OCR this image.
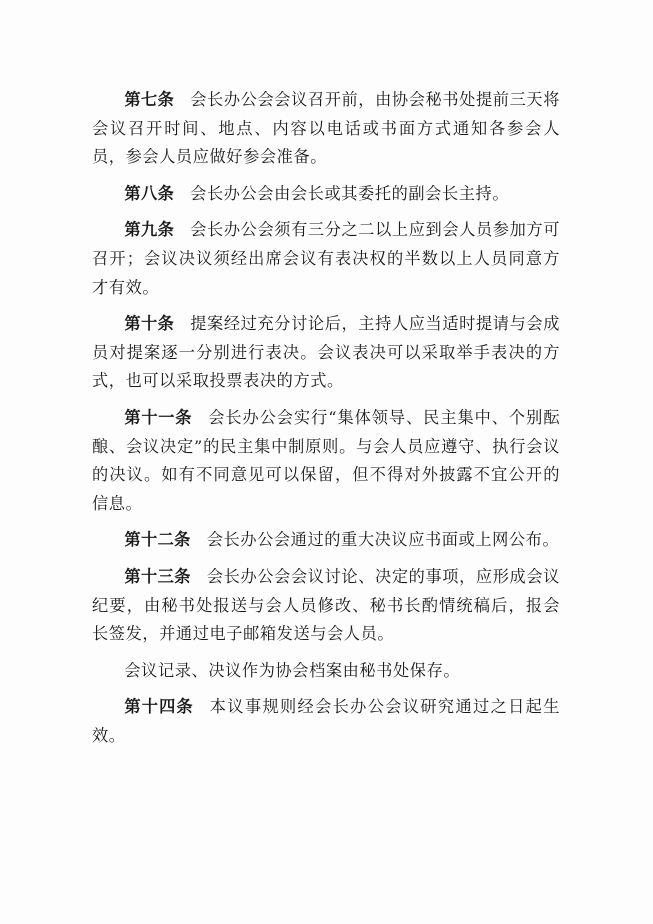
第七条 会长办公会会议召开前，由协会秘书处提前三天将会议召开时间、地点、内容以电话或书面方式通知各参会人员，参会人员应做好参会准备。

第八条 会长办公会由会长或其委托的副会长主持。

第九条 会长办公会须有三分之二以上应到会人员参加方可召开；会议决议须经出席会议有表决权的半数以上人员同意方才有效。

第十条 提案经过充分讨论后，主持人应当适时提请与会成员对提案逐一分别进行表决。会议表决可以采取举手表决的方式，也可以采取投票表决的方式。

第十一条 会长办公会实行“集体领导、民主集中、个别酝酿、会议决定”的民主集中制原则。与会人员应遵守、执行会议的决议。如有不同意见可以保留，但不得对外披露不宜公开的信息。

第十二条 会长办公会通过的重大决议应书面或上网公布。

第十三条 会长办公会会议讨论、决定的事项，应形成会议纪要，由秘书处报送与会人员修改、秘书长酌情统稿后，报会长签发，并通过电子邮箱发送与会人员。

会议记录、决议作为协会档案由秘书处保存。

第十四条 本议事规则经会长办公会议研究通过之日起生效。
